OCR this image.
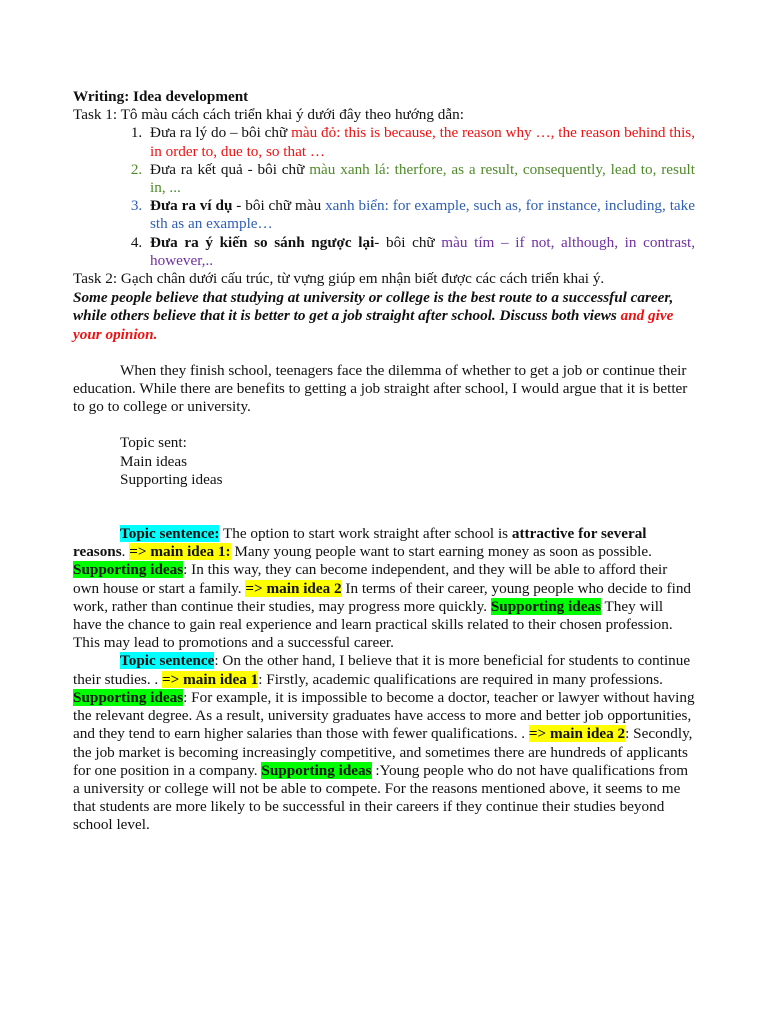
Writing: Idea development

Task 1: Tô màu cách cách triển khai ý dưới đây theo hướng dẫn:

1. Đưa ra lý do – bôi chữ màu đỏ: this is because, the reason why …, the reason behind this, in order to, due to, so that …
2. Đưa ra kết quả - bôi chữ màu xanh lá: therfore, as a result, consequently, lead to, result in, ...
3. Đưa ra ví dụ - bôi chữ màu xanh biển: for example, such as, for instance, including, take sth as an example…
4. Đưa ra ý kiến so sánh ngược lại- bôi chữ màu tím – if not, although, in contrast, however,..

Task 2: Gạch chân dưới cấu trúc, từ vựng giúp em nhận biết được các cách triển khai ý.

Some people believe that studying at university or college is the best route to a successful career, while others believe that it is better to get a job straight after school. Discuss both views and give your opinion.

When they finish school, teenagers face the dilemma of whether to get a job or continue their education. While there are benefits to getting a job straight after school, I would argue that it is better to go to college or university.

Topic sent:

Main ideas

Supporting ideas

Topic sentence: The option to start work straight after school is attractive for several reasons. => main idea 1: Many young people want to start earning money as soon as possible. Supporting ideas: In this way, they can become independent, and they will be able to afford their own house or start a family. => main idea 2 In terms of their career, young people who decide to find work, rather than continue their studies, may progress more quickly. Supporting ideas They will have the chance to gain real experience and learn practical skills related to their chosen profession. This may lead to promotions and a successful career.

Topic sentence: On the other hand, I believe that it is more beneficial for students to continue their studies. . => main idea 1: Firstly, academic qualifications are required in many professions. Supporting ideas: For example, it is impossible to become a doctor, teacher or lawyer without having the relevant degree. As a result, university graduates have access to more and better job opportunities, and they tend to earn higher salaries than those with fewer qualifications. . => main idea 2: Secondly, the job market is becoming increasingly competitive, and sometimes there are hundreds of applicants for one position in a company. Supporting ideas :Young people who do not have qualifications from a university or college will not be able to compete. For the reasons mentioned above, it seems to me that students are more likely to be successful in their careers if they continue their studies beyond school level.
